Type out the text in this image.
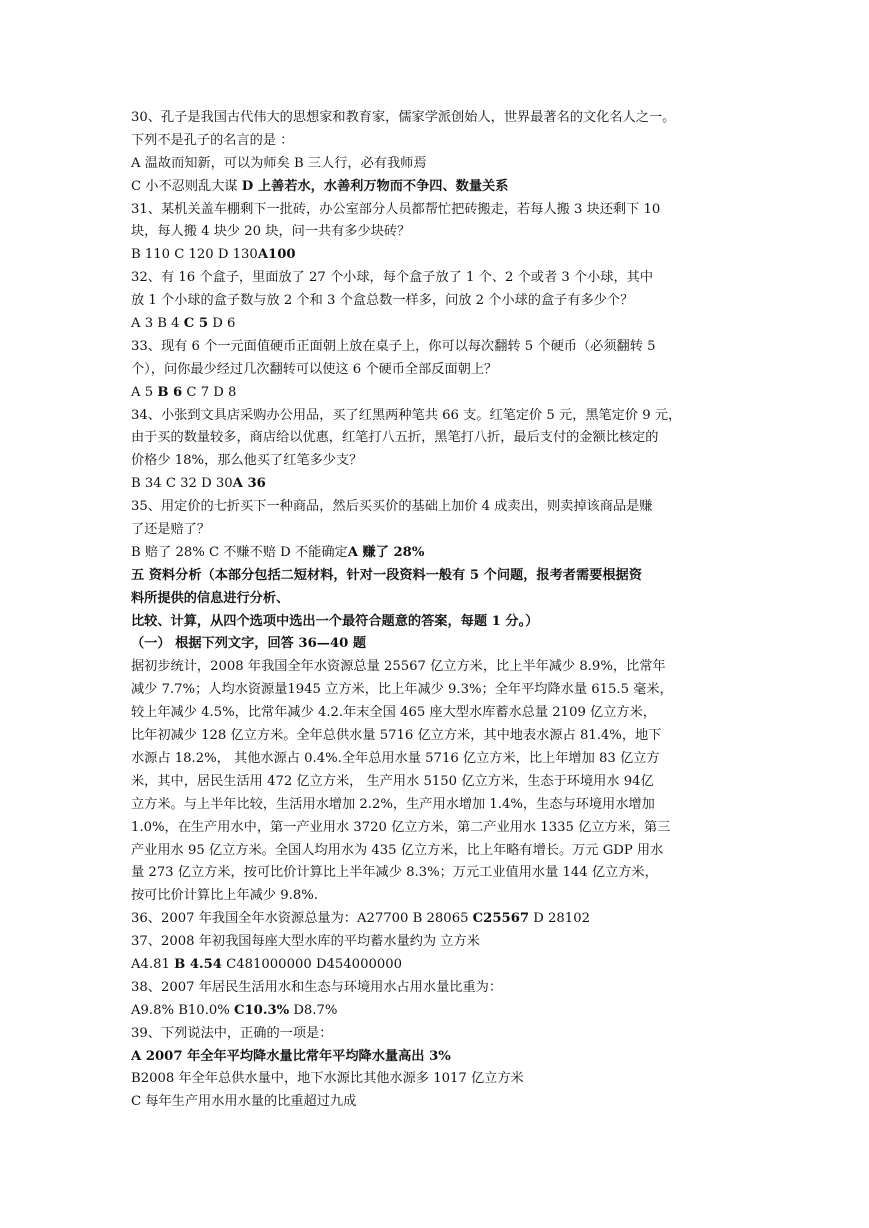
30、孔子是我国古代伟大的思想家和教育家，儒家学派创始人，世界最著名的文化名人之一。
下列不是孔子的名言的是 ：
A 温故而知新，可以为师矣 B 三人行，必有我师焉
C 小不忍则乱大谋 D 上善若水，水善利万物而不争四、数量关系
31、某机关盖车棚剩下一批砖，办公室部分人员都帮忙把砖搬走，若每人搬 3 块还剩下 10
块，每人搬 4 块少 20 块，问一共有多少块砖？
B 110 C 120 D 130A100
32、有 16 个盒子，里面放了 27 个小球，每个盒子放了 1 个、2 个或者 3 个小球，其中
放 1 个小球的盒子数与放 2 个和 3 个盒总数一样多，问放 2 个小球的盒子有多少个？
A 3 B 4 C 5 D 6
33、现有 6 个一元面值硬币正面朝上放在桌子上，你可以每次翻转 5 个硬币（必须翻转 5
个），问你最少经过几次翻转可以使这 6 个硬币全部反面朝上？
A 5 B 6 C 7 D 8
34、小张到文具店采购办公用品，买了红黑两种笔共 66 支。红笔定价 5 元，黑笔定价 9 元，
由于买的数量较多，商店给以优惠，红笔打八五折，黑笔打八折，最后支付的金额比核定的
价格少 18%，那么他买了红笔多少支？
B 34 C 32 D 30A 36
35、用定价的七折买下一种商品，然后买买价的基础上加价 4 成卖出，则卖掉该商品是赚
了还是赔了？
B 赔了 28% C 不赚不赔 D 不能确定A 赚了 28%
五 资料分析（本部分包括二短材料，针对一段资料一般有 5 个问题，报考者需要根据资
料所提供的信息进行分析、
比较、计算，从四个选项中选出一个最符合题意的答案，每题 1 分。）
（一） 根据下列文字，回答 36—40 题
据初步统计，2008 年我国全年水资源总量 25567 亿立方米，比上半年减少 8.9%，比常年
减少 7.7%；人均水资源量1945 立方米，比上年减少 9.3%；全年平均降水量 615.5 毫米，
较上年减少 4.5%，比常年减少 4.2.年末全国 465 座大型水库蓄水总量 2109 亿立方米，
比年初减少 128 亿立方米。全年总供水量 5716 亿立方米，其中地表水源占 81.4%，地下
水源占 18.2%， 其他水源占 0.4%.全年总用水量 5716 亿立方米，比上年增加 83 亿立方
米，其中，居民生活用 472 亿立方米， 生产用水 5150 亿立方米，生态于环境用水 94亿
立方米。与上半年比较，生活用水增加 2.2%，生产用水增加 1.4%，生态与环境用水增加
1.0%，在生产用水中，第一产业用水 3720 亿立方米，第二产业用水 1335 亿立方米，第三
产业用水 95 亿立方米。全国人均用水为 435 亿立方米，比上年略有增长。万元 GDP 用水
量 273 亿立方米，按可比价计算比上半年减少 8.3%；万元工业值用水量 144 亿立方米，
按可比价计算比上年减少 9.8%.
36、2007 年我国全年水资源总量为：A27700 B 28065 C25567 D 28102
37、2008 年初我国每座大型水库的平均蓄水量约为 立方米
A4.81 B 4.54 C481000000 D454000000
38、2007 年居民生活用水和生态与环境用水占用水量比重为：
A9.8% B10.0% C10.3% D8.7%
39、下列说法中，正确的一项是：
A 2007 年全年平均降水量比常年平均降水量高出 3%
B2008 年全年总供水量中，地下水源比其他水源多 1017 亿立方米
C 每年生产用水用水量的比重超过九成
